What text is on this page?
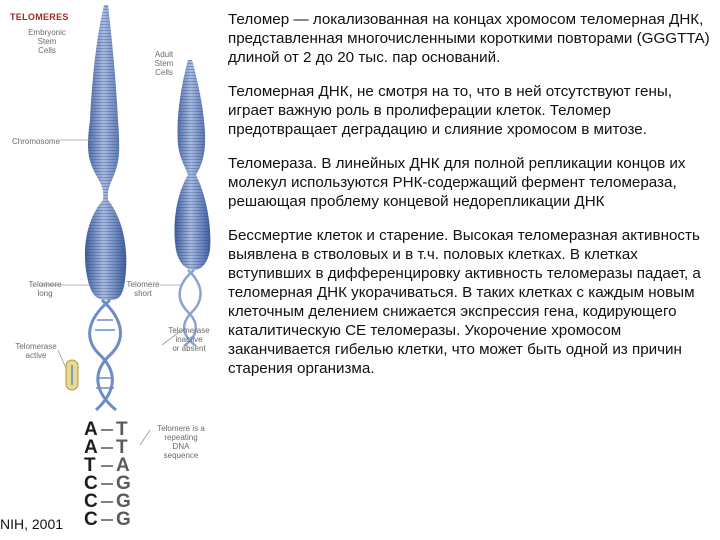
TELOMERES
Embryonic
Stem
Cells	Adult
Stem
Cells
Chromosome
Telomere
long
Telomere
short
Telomerase
active
Telomerase
inactive
or absent
Telomere is a
repeating
DNA
sequence
A
A
T
C
C
C
T
T
A
G
G
G
NIH, 2001

Теломер — локализованная на концах хромосом теломерная ДНК, представленная многочисленными короткими повторами (GGGTTA) длиной от 2 до 20 тыс. пар оснований.

Теломерная ДНК, не смотря на то, что в ней отсутствуют гены, играет важную роль в пролиферации клеток. Теломер предотвращает деградацию и слияние хромосом в митозе.

Теломераза. В линейных ДНК для полной репликации концов их молекул используются РНК-содержащий фермент теломераза, решающая проблему концевой недорепликации ДНК

Бессмертие клеток и старение. Высокая теломеразная активность выявлена в стволовых и в т.ч. половых клетках. В клетках вступивших в дифференцировку активность теломеразы падает, а теломерная ДНК укорачиваться. В таких клетках с каждым новым клеточным делением снижается экспрессия гена, кодирующего каталитическую СЕ теломеразы. Укорочение хромосом заканчивается гибелью клетки, что может быть одной из причин старения организма.
